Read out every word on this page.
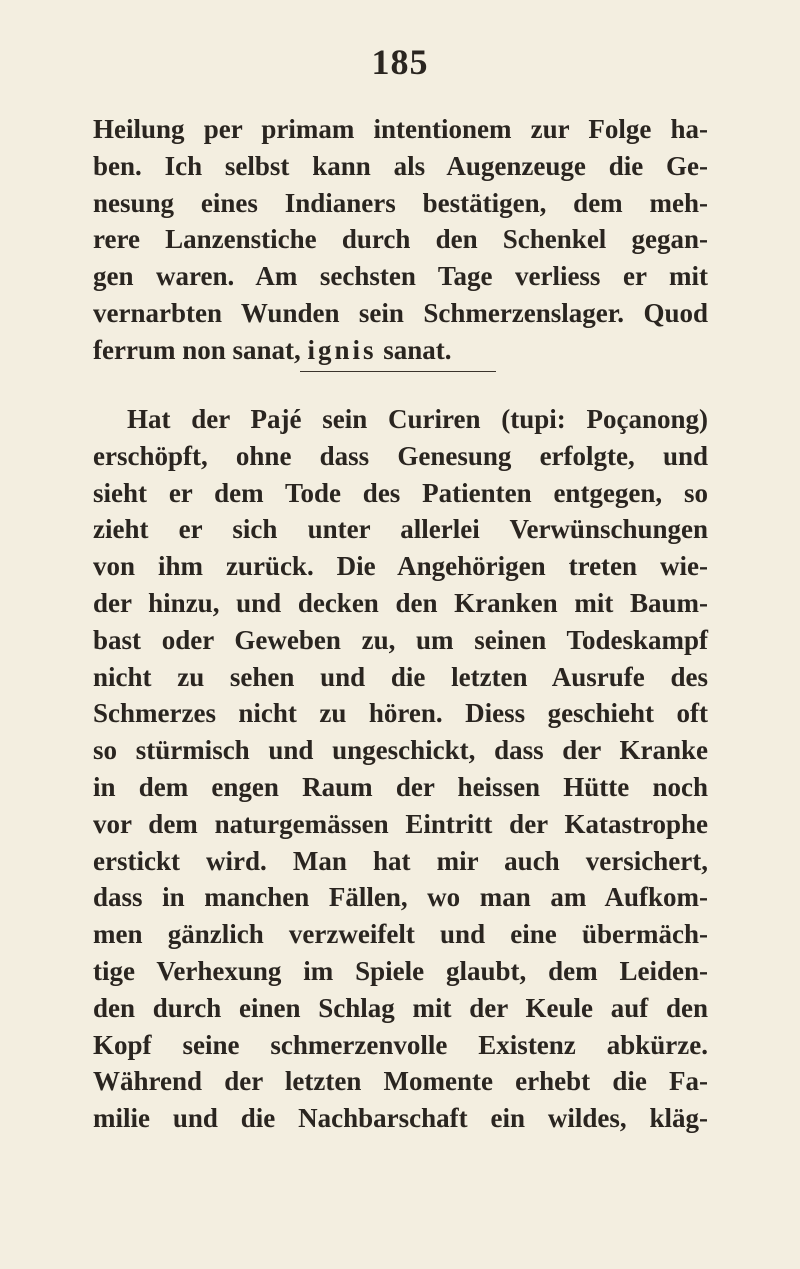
185
Heilung per primam intentionem zur Folge ha-
ben. Ich selbst kann als Augenzeuge die Ge-
nesung eines Indianers bestätigen, dem meh-
rere Lanzenstiche durch den Schenkel gegan-
gen waren. Am sechsten Tage verliess er mit
vernarbten Wunden sein Schmerzenslager. Quod
ferrum non sanat, ignis sanat.
Hat der Pajé sein Curiren (tupi: Poçanong)
erschöpft, ohne dass Genesung erfolgte, und
sieht er dem Tode des Patienten entgegen, so
zieht er sich unter allerlei Verwünschungen
von ihm zurück. Die Angehörigen treten wie-
der hinzu, und decken den Kranken mit Baum-
bast oder Geweben zu, um seinen Todeskampf
nicht zu sehen und die letzten Ausrufe des
Schmerzes nicht zu hören. Diess geschieht oft
so stürmisch und ungeschickt, dass der Kranke
in dem engen Raum der heissen Hütte noch
vor dem naturgemässen Eintritt der Katastrophe
erstickt wird. Man hat mir auch versichert,
dass in manchen Fällen, wo man am Aufkom-
men gänzlich verzweifelt und eine übermäch-
tige Verhexung im Spiele glaubt, dem Leiden-
den durch einen Schlag mit der Keule auf den
Kopf seine schmerzenvolle Existenz abkürze.
Während der letzten Momente erhebt die Fa-
milie und die Nachbarschaft ein wildes, kläg-
